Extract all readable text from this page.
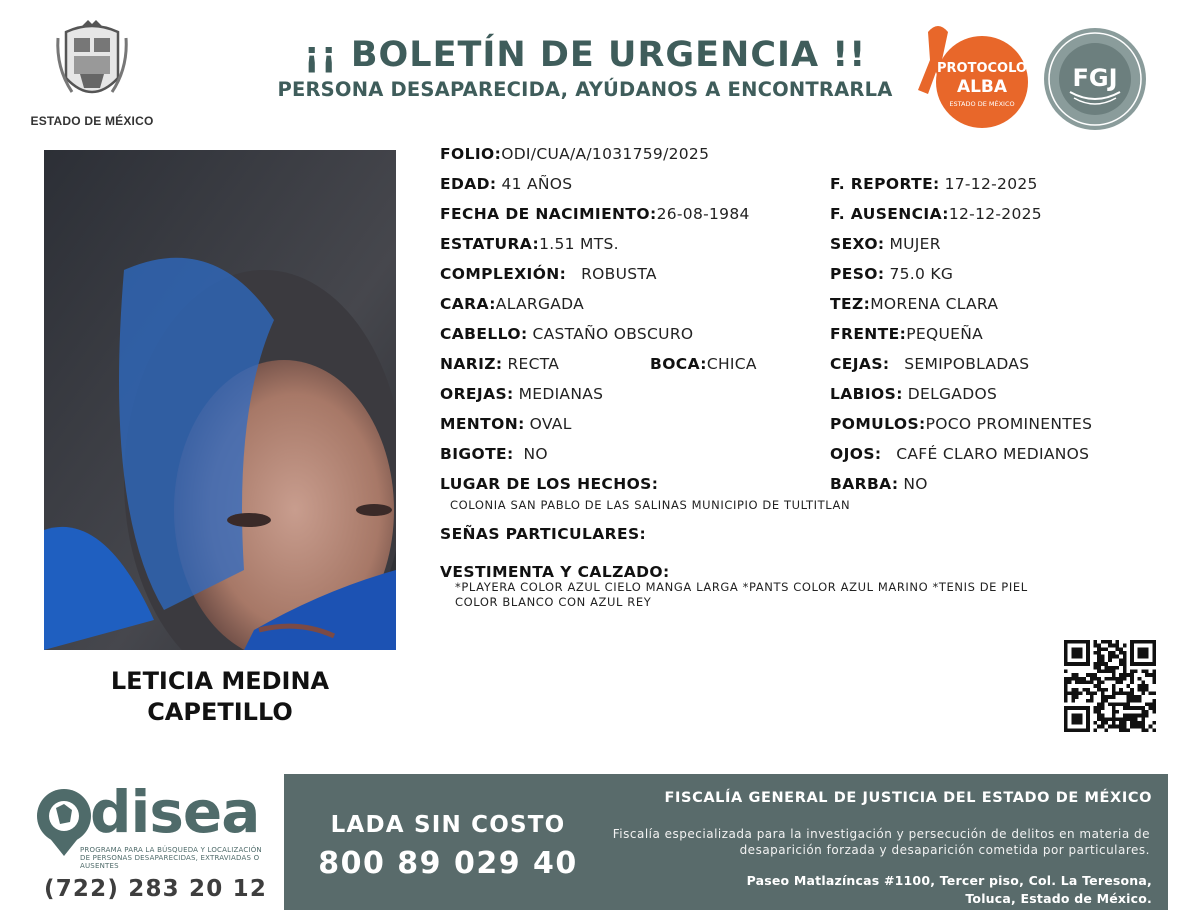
ESTADO DE MÉXICO
¡¡ BOLETÍN DE URGENCIA !!
PERSONA DESAPARECIDA, AYÚDANOS A ENCONTRARLA
PROTOCOLO
ALBA
ESTADO DE MÉXICO
FGJ
LETICIA MEDINA
CAPETILLO
FOLIO:ODI/CUA/A/1031759/2025
EDAD: 41 AÑOS
FECHA DE NACIMIENTO:26-08-1984
ESTATURA:1.51 MTS.
COMPLEXIÓN: ROBUSTA
CARA:ALARGADA
CABELLO: CASTAÑO OBSCURO
NARIZ: RECTA	BOCA:CHICA
OREJAS: MEDIANAS
MENTON: OVAL
BIGOTE: NO
LUGAR DE LOS HECHOS:
COLONIA SAN PABLO DE LAS SALINAS MUNICIPIO DE TULTITLAN
SEÑAS PARTICULARES:
VESTIMENTA Y CALZADO:
*PLAYERA COLOR AZUL CIELO MANGA LARGA *PANTS COLOR AZUL MARINO *TENIS DE PIEL
COLOR BLANCO CON AZUL REY
F. REPORTE: 17-12-2025
F. AUSENCIA:12-12-2025
SEXO: MUJER
PESO: 75.0 KG
TEZ:MORENA CLARA
FRENTE:PEQUEÑA
CEJAS: SEMIPOBLADAS
LABIOS: DELGADOS
POMULOS:POCO PROMINENTES
OJOS: CAFÉ CLARO MEDIANOS
BARBA: NO
disea
PROGRAMA PARA LA BÚSQUEDA Y LOCALIZACIÓN DE PERSONAS DESAPARECIDAS, EXTRAVIADAS O AUSENTES
(722) 283 20 12
LADA SIN COSTO
800 89 029 40
FISCALÍA GENERAL DE JUSTICIA DEL ESTADO DE MÉXICO
Fiscalía especializada para la investigación y persecución de delitos en materia de desaparición forzada y desaparición cometida por particulares.
Paseo Matlazíncas #1100, Tercer piso, Col. La Teresona,
Toluca, Estado de México.
